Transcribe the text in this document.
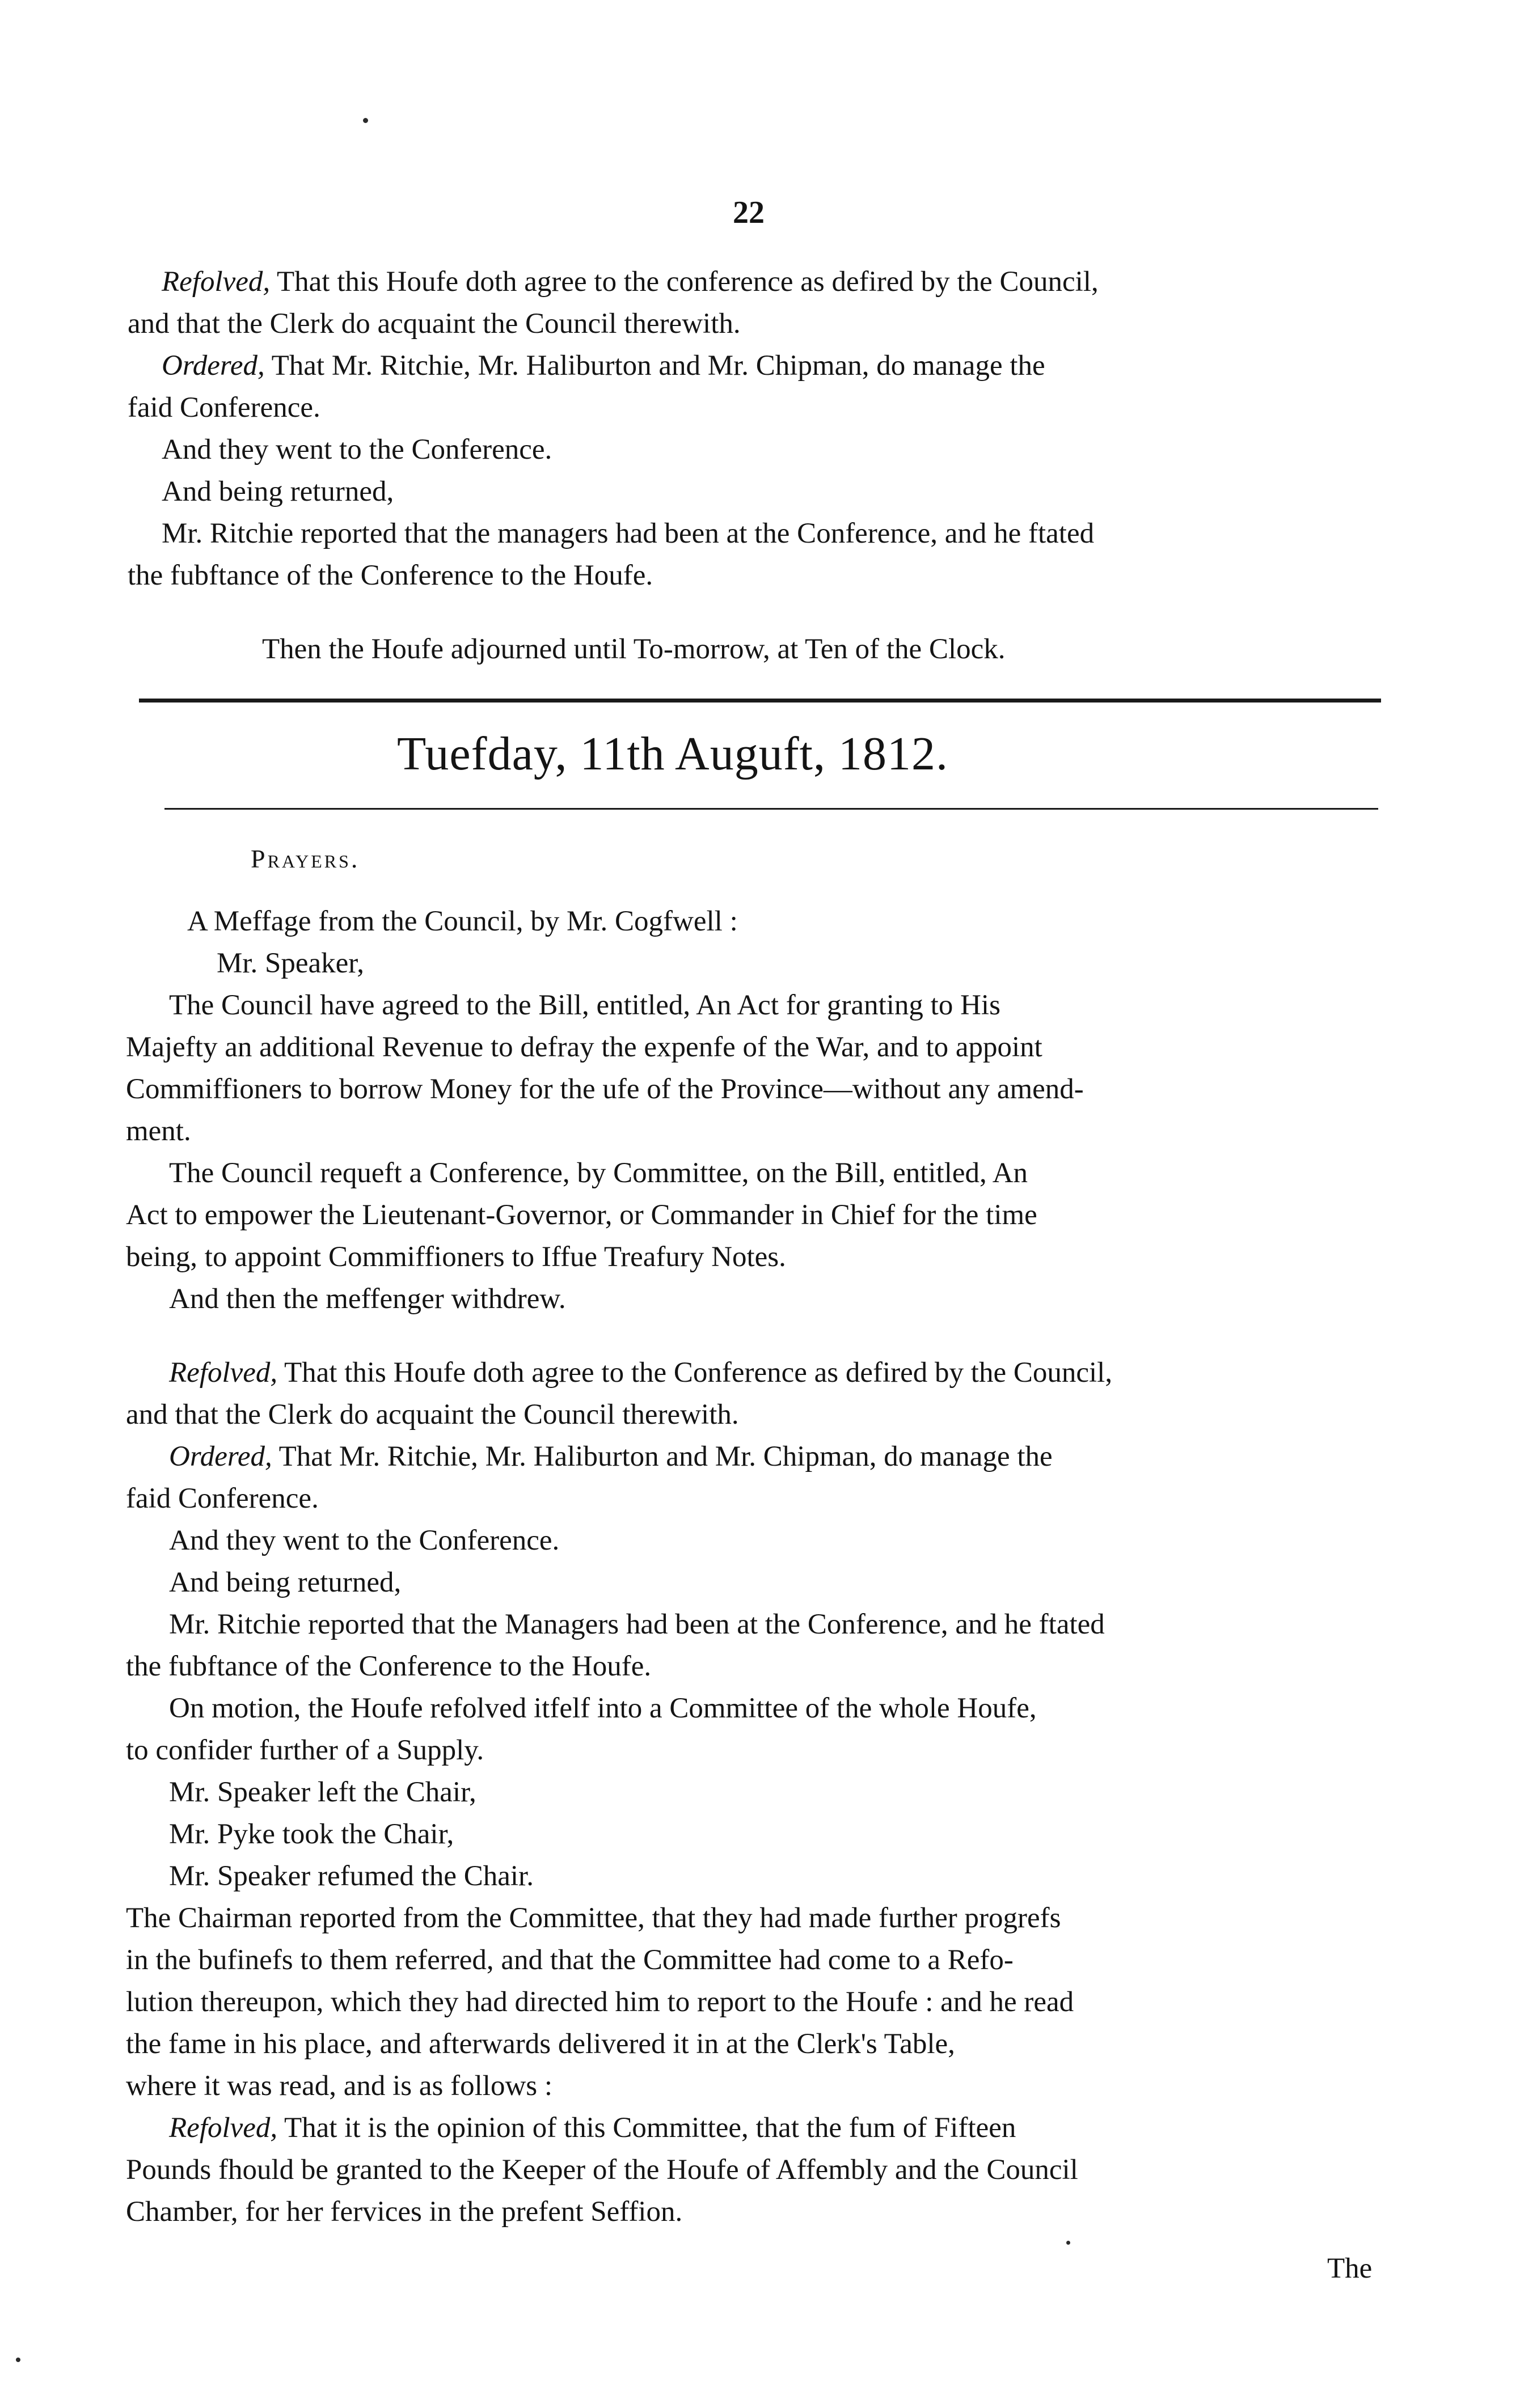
22
Refolved, That this Houfe doth agree to the conference as defired by the Council,
and that the Clerk do acquaint the Council therewith.
Ordered, That Mr. Ritchie, Mr. Haliburton and Mr. Chipman, do manage the
faid Conference.
And they went to the Conference.
And being returned,
Mr. Ritchie reported that the managers had been at the Conference, and he ftated
the fubftance of the Conference to the Houfe.
Then the Houfe adjourned until To-morrow, at Ten of the Clock.
Tuefday, 11th Auguft, 1812.
Prayers.
A Meffage from the Council, by Mr. Cogfwell :
Mr. Speaker,
The Council have agreed to the Bill, entitled, An Act for granting to His
Majefty an additional Revenue to defray the expenfe of the War, and to appoint
Commiffioners to borrow Money for the ufe of the Province—without any amend-
ment.
The Council requeft a Conference, by Committee, on the Bill, entitled, An
Act to empower the Lieutenant-Governor, or Commander in Chief for the time
being, to appoint Commiffioners to Iffue Treafury Notes.
And then the meffenger withdrew.
Refolved, That this Houfe doth agree to the Conference as defired by the Council,
and that the Clerk do acquaint the Council therewith.
Ordered, That Mr. Ritchie, Mr. Haliburton and Mr. Chipman, do manage the
faid Conference.
And they went to the Conference.
And being returned,
Mr. Ritchie reported that the Managers had been at the Conference, and he ftated
the fubftance of the Conference to the Houfe.
On motion, the Houfe refolved itfelf into a Committee of the whole Houfe,
to confider further of a Supply.
Mr. Speaker left the Chair,
Mr. Pyke took the Chair,
Mr. Speaker refumed the Chair.
The Chairman reported from the Committee, that they had made further progrefs
in the bufinefs to them referred, and that the Committee had come to a Refo-
lution thereupon, which they had directed him to report to the Houfe : and he read
the fame in his place, and afterwards delivered it in at the Clerk's Table,
where it was read, and is as follows :
Refolved, That it is the opinion of this Committee, that the fum of Fifteen
Pounds fhould be granted to the Keeper of the Houfe of Affembly and the Council
Chamber, for her fervices in the prefent Seffion.
The
